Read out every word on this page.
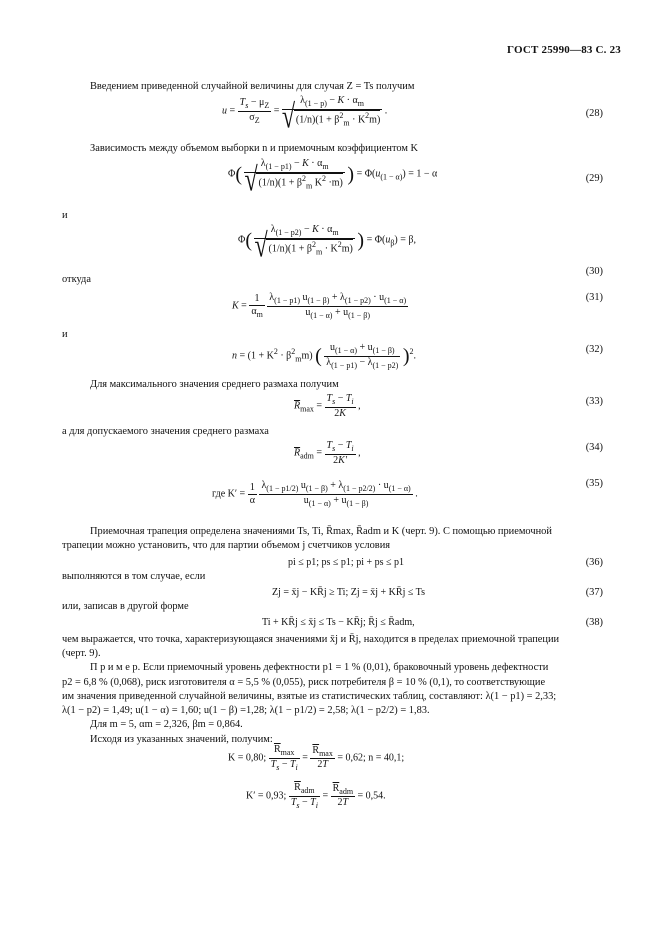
ГОСТ 25990—83 С. 23
Введением приведенной случайной величины для случая Z = Ts получим
$u = \frac{T_s - \mu_Z}{\sigma_Z} = \lambda_{(1 - p)} - K \cdot \alpha_m$
√ $(1/n)(1 + \beta^2_m \cdot K^2m)$ .	(28)
Зависимость между объемом выборки n и приемочным коэффициентом K
Φ( $\lambda_{(1 - p1)} - K \cdot \alpha_m$
√ $(1/n)(1 + \beta^2_m$ $K^2 \cdot m$) ) = $\Phi(u_{(1 - \alpha)}) = 1 - \alpha$	(29)
и
Φ( $\lambda_{(1 - p2)} - K \cdot \alpha_m$
√ $(1/n)(1 + \beta^2_m \cdot K^2m)$ ) = $\Phi(u_\beta) = \beta$,
(30)
откуда
$K = \frac{1}{\alpha_m}$
$\frac{\lambda_{(1 - p1)} u_{(1 - \beta)} + \lambda_{(1 - p2)} \cdot u_{(1 - \alpha)}}{u_{(1 - \alpha)} + u_{(1 - \beta)}}$	(31)
и
$n = (1 + K^2 \cdot \beta^2_mm)$ ( $\frac{u_{(1 - \alpha)} + u_{(1 - \beta)}}{\lambda_{(1 - p1)} - \lambda_{(1 - p2)}} )^2$.
(32)
Для максимального значения среднего размаха получим
$\overline{R}_{max} = \frac{T_s - T_i}{2K}$ ,	(33)
а для допускаемого значения среднего размаха
$\overline{R}_{adm} = \frac{T_s - T_i}{2K'}$ ,
(34)
где $K' = \frac{1}{\alpha}$
$\frac{\lambda_{(1 - p1/2)} u_{(1 - \beta)} + \lambda_{(1 - p2/2)} \cdot u_{(1 - \alpha)}}{u_{(1 - \alpha)} + u_{(1 - \beta)}}$ .
(35)
Приемочная трапеция определена значениями Ts, Ti, R̄max, R̄adm и K (черт. 9). С помощью приемочной
трапеции можно установить, что для партии объемом j счетчиков условия
pi ≤ p1; ps ≤ p1; pi + ps ≤ p1	(36)
выполняются в том случае, если
Zj = x̄j − KR̄j ≥ Ti; Zj = x̄j + KR̄j ≤ Ts	(37)
или, записав в другой форме
Ti + KR̄j ≤ x̄j ≤ Ts − KR̄j; R̄j ≤ R̄adm,	(38)
чем выражается, что точка, характеризующаяся значениями x̄j и R̄j, находится в пределах приемочной трапеции
(черт. 9).
П р и м е р. Если приемочный уровень дефектности p1 = 1 % (0,01), браковочный уровень дефектности
p2 = 6,8 % (0,068), риск изготовителя α = 5,5 % (0,055), риск потребителя β = 10 % (0,1), то соответствующие
им значения приведенной случайной величины, взятые из статистических таблиц, составляют: λ(1 − p1) = 2,33;
λ(1 − p2) = 1,49; u(1 − α) = 1,60; u(1 − β) =1,28; λ(1 − p1/2) = 2,58; λ(1 − p2/2) = 1,83.
Для m = 5, αm = 2,326, βm = 0,864.
Исходя из указанных значений, получим:
K = 0,80;
$\overline{R}_{max}$
$T_s - T_i$
=
$\overline{R}_{max}$
2T
= 0,62; n = 40,1;
K′ = 0,93;
$\overline{R}_{adm}$
$T_s - T_i$
=
$\overline{R}_{adm}$
2T
= 0,54.
